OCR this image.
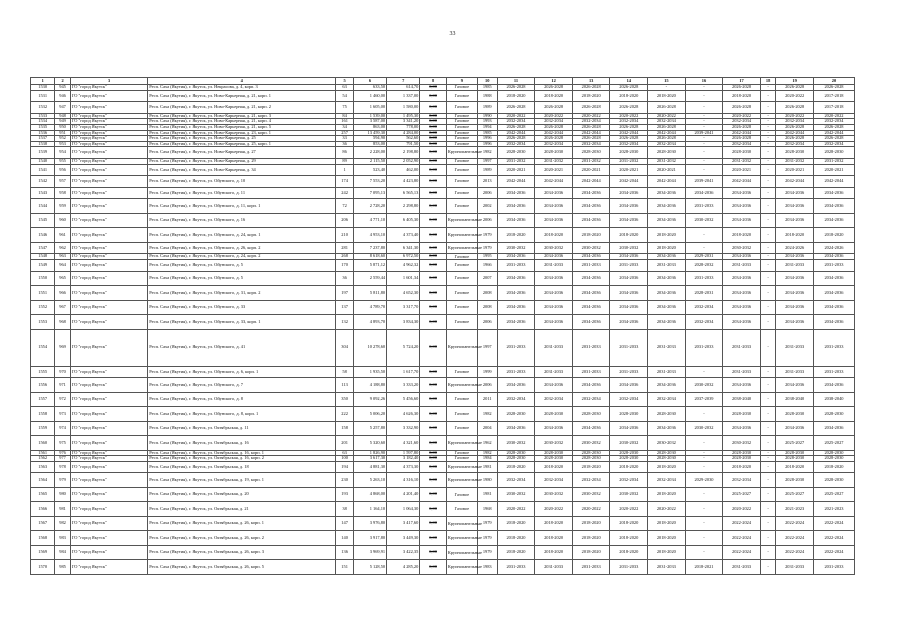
33
1	2	3	4	5	6	7	8	9	10	11	12	13	14	15	16	17	18	19	20
1530	945	ГО "город Якутск"	Респ. Саха (Якутия), г. Якутск, ул. Некрасова, д. 4, корп. 3	63	633,50	614,70	0,00	Газовое	1985	2026-2028	2026-2028	2026-2028	2026-2028	-	-	2026-2028	-	2026-2028	2026-2028
1531	946	ГО "город Якутск"	Респ. Саха (Якутия), г. Якутск, ул. Ново-Карьерная, д. 21, корп. 1	54	1 460,00	1 337,00	0,00	Газовое	1988	2018-2020	2018-2020	2018-2020	2018-2020	2018-2020	-	2018-2020	-	2020-2022	2017-2018
1532	947	ГО "город Якутск"	Респ. Саха (Якутия), г. Якутск, ул. Ново-Карьерная, д. 21, корп. 2	75	1 605,00	1 580,00	0,00	Газовое	1989	2026-2028	2026-2028	2026-2028	2026-2028	2026-2028	-	2026-2028	-	2026-2028	2017-2018
1533	948	ГО "город Якутск"	Респ. Саха (Якутия), г. Якутск, ул. Ново-Карьерная, д. 21, корп. 3	84	1 539,00	1 495,30	0,00	Газовое	1990	2020-2022	2020-2022	2020-2022	2020-2022	2020-2022	-	2020-2022	-	2020-2022	2020-2022
1534	949	ГО "город Якутск"	Респ. Саха (Якутия), г. Якутск, ул. Ново-Карьерная, д. 21, корп. 4	161	3 587,00	3 341,20	0,00	Газовое	1993	2032-2034	2032-2034	2032-2034	2032-2034	2032-2034	-	2032-2034	-	2032-2034	2032-2034
1535	950	ГО "город Якутск"	Респ. Саха (Якутия), г. Якутск, ул. Ново-Карьерная, д. 21, корп. 5	34	863,00	778,00	0,00	Газовое	1994	2026-2028	2026-2028	2026-2028	2026-2028	2026-2028	-	2026-2028	-	2026-2028	2026-2028
1536	951	ГО "город Якутск"	Респ. Саха (Якутия), г. Якутск, ул. Ново-Карьерная, д. 23, корп. 1	257	13 459,30	4 284,00	0,00	Газовое	1985	2042-2044	2042-2044	2042-2044	2042-2044	2042-2044	2039-2041	2042-2044	-	2042-2044	2042-2044
1537	952	ГО "город Якутск"	Респ. Саха (Якутия), г. Якутск, ул. Ново-Карьерная, д. 25	33	594,90	562,60	0,00	Газовое	1996	2026-2028	2026-2028	2026-2028	2026-2028	2026-2028	-	2026-2028	-	2026-2028	2026-2028
1538	953	ГО "город Якутск"	Респ. Саха (Якутия), г. Якутск, ул. Ново-Карьерная, д. 25, корп. 1	36	853,00	791,50	0,00	Газовое	1996	2032-2034	2032-2034	2032-2034	2032-2034	2032-2034	-	2032-2034	-	2032-2034	2032-2034
1539	954	ГО "город Якутск"	Респ. Саха (Якутия), г. Якутск, ул. Ново-Карьерная, д. 27	86	2 228,00	2 198,80	0,00	Крупнопанельные	1982	2028-2030	2028-2030	2028-2030	2028-2030	2028-2030	-	2028-2030	-	2028-2030	2028-2030
1540	955	ГО "город Якутск"	Респ. Саха (Якутия), г. Якутск, ул. Ново-Карьерная, д. 29	89	2 115,50	2 052,90	0,00	Газовое	1997	2031-2032	2031-2032	2031-2032	2031-2032	2031-2032	-	2031-2032	-	2031-2032	2031-2032
1541	956	ГО "город Якутск"	Респ. Саха (Якутия), г. Якутск, ул. Ново-Карьерная, д. 34	1	523,40	462,00	0,00	Газовое	1989	2020-2021	2020-2021	2020-2021	2020-2021	2020-2021	-	2020-2021	-	2020-2021	2020-2021
1542	957	ГО "город Якутск"	Респ. Саха (Якутия), г. Якутск, ул. Ойунского, д. 10	174	7 553,20	4 423,80	0,00	Газовое	2013	2042-2044	2042-2044	2042-2044	2042-2044	2042-2044	2039-2041	2042-2044	-	2042-2044	2042-2044
1543	958	ГО "город Якутск"	Респ. Саха (Якутия), г. Якутск, ул. Ойунского, д. 11	242	7 095,13	6 565,13	0,00	Газовое	2006	2034-2036	2034-2036	2034-2036	2034-2036	2034-2036	2034-2036	2034-2036	-	2034-2036	2034-2036
1544	959	ГО "город Якутск"	Респ. Саха (Якутия), г. Якутск, ул. Ойунского, д. 11, корп. 1	72	2 728,20	2 298,80	0,00	Газовое	2002	2034-2036	2034-2036	2034-2036	2034-2036	2034-2036	2031-2033	2034-2036	-	2034-2036	2034-2036
1545	960	ГО "город Якутск"	Респ. Саха (Якутия), г. Якутск, ул. Ойунского, д. 16	206	4 771,10	6 405,30	0,00	Крупнопанельные	2006	2034-2036	2034-2036	2034-2036	2034-2036	2034-2036	2030-2032	2034-2036	-	2034-2036	2034-2036
1546	961	ГО "город Якутск"	Респ. Саха (Якутия), г. Якутск, ул. Ойунского, д. 24, корп. 1	210	4 953,10	4 373,40	0,00	Крупнопанельные	1979	2018-2020	2018-2020	2018-2020	2018-2020	2018-2020	-	2018-2020	-	2018-2020	2018-2020
1547	962	ГО "город Якутск"	Респ. Саха (Якутия), г. Якутск, ул. Ойунского, д. 26, корп. 2	281	7 237,80	6 341,30	0,00	Крупнопанельные	1979	2030-2032	2030-2032	2030-2032	2030-2032	2018-2020	-	2030-2032	-	2024-2026	2024-2026
1548	963	ГО "город Якутск"	Респ. Саха (Якутия), г. Якутск, ул. Ойунского, д. 24, корп. 2	268	8 618,60	6 972,50	0,00	Газовое	1995	2034-2036	2034-2036	2034-2036	2034-2036	2034-2036	2029-2031	2034-2036	-	2034-2036	2034-2036
1549	964	ГО "город Якутск"	Респ. Саха (Якутия), г. Якутск, ул. Ойунского, д. 5	170	5 871,12	4 962,32	0,00	Газовое	1966	2031-2033	2031-2033	2031-2033	2031-2033	2031-2033	2028-2032	2031-2033	-	2031-2033	2031-2033
1550	965	ГО "город Якутск"	Респ. Саха (Якутия), г. Якутск, ул. Ойунского, д. 5	36	2 559,44	1 601,34	0,00	Газовое	2007	2034-2036	2034-2036	2034-2036	2034-2036	2034-2036	2031-2033	2034-2036	-	2034-2036	2034-2036
1551	966	ГО "город Якутск"	Респ. Саха (Якутия), г. Якутск, ул. Ойунского, д. 31, корп. 2	197	5 811,80	4 652,30	0,00	Газовое	2008	2034-2036	2034-2036	2034-2036	2034-2036	2034-2036	2028-2031	2034-2036	-	2034-2036	2034-2036
1552	967	ГО "город Якутск"	Респ. Саха (Якутия), г. Якутск, ул. Ойунского, д. 33	137	4 789,70	3 317,70	0,00	Газовое	2008	2034-2036	2034-2036	2034-2036	2034-2036	2034-2036	2032-2034	2034-2036	-	2034-2036	2034-2036
1553	968	ГО "город Якутск"	Респ. Саха (Якутия), г. Якутск, ул. Ойунского, д. 33, корп. 1	132	4 893,70	3 834,30	0,00	Газовое	2006	2034-2036	2034-2036	2034-2036	2034-2036	2034-2036	2032-2034	2034-2036	-	2034-2036	2034-2036
1554	969	ГО "город Якутск"	Респ. Саха (Якутия), г. Якутск, ул. Ойунского, д. 41	304	10 278,60	5 724,20	0,00	Крупнопанельные	1997	2031-2033	2031-2033	2031-2033	2031-2033	2031-2033	2031-2033	2031-2033	-	2031-2033	2031-2033
1555	970	ГО "город Якутск"	Респ. Саха (Якутия), г. Якутск, ул. Ойунского, д. 6, корп. 1	58	1 935,50	1 617,70	0,00	Газовое	1999	2031-2033	2031-2033	2031-2033	2031-2033	2031-2033	-	2031-2033	-	2031-2033	2031-2033
1556	971	ГО "город Якутск"	Респ. Саха (Якутия), г. Якутск, ул. Ойунского, д. 7	113	4 188,80	3 333,20	0,00	Крупнопанельные	2006	2034-2036	2034-2036	2034-2036	2034-2036	2034-2036	2030-2032	2034-2036	-	2034-2036	2034-2036
1557	972	ГО "город Якутск"	Респ. Саха (Якутия), г. Якутск, ул. Ойунского, д. 8	350	9 092,26	5 456,60	0,00	Газовое	2011	2032-2034	2032-2034	2032-2034	2032-2034	2032-2034	2037-2039	2038-2040	-	2038-2040	2038-2040
1558	973	ГО "город Якутск"	Респ. Саха (Якутия), г. Якутск, ул. Ойунского, д. 8, корп. 1	222	5 006,20	4 626,30	0,00	Газовое	1982	2028-2030	2028-2030	2028-2030	2028-2030	2028-2030	-	2028-2030	-	2028-2030	2028-2030
1559	974	ГО "город Якутск"	Респ. Саха (Якутия), г. Якутск, ул. Октябрьская, д. 11	158	5 257,80	3 332,90	0,00	Газовое	2004	2034-2036	2034-2036	2034-2036	2034-2036	2034-2036	2030-2032	2034-2036	-	2034-2036	2034-2036
1560	975	ГО "город Якутск"	Респ. Саха (Якутия), г. Якутск, ул. Октябрьская, д. 16	201	5 320,60	4 321,60	0,00	Крупнопанельные	1962	2030-2032	2030-2032	2030-2032	2030-2032	2030-2032	-	2030-2032	-	2025-2027	2025-2027
1561	976	ГО "город Якутск"	Респ. Саха (Якутия), г. Якутск, ул. Октябрьская, д. 16, корп. 1	63	1 826,90	1 597,80	0,00	Газовое	1982	2028-2030	2028-2030	2028-2030	2028-2030	2028-2030	-	2028-2030	-	2028-2030	2028-2030
1562	977	ГО "город Якутск"	Респ. Саха (Якутия), г. Якутск, ул. Октябрьская, д. 16, корп. 2	100	3 617,30	3 182,40	0,00	Газовое	1984	2028-2030	2028-2030	2028-2030	2028-2030	2028-2030	-	2028-2030	-	2028-2030	2028-2030
1563	978	ГО "город Якутск"	Респ. Саха (Якутия), г. Якутск, ул. Октябрьская, д. 18	194	4 881,30	4 373,30	0,00	Крупнопанельные	1981	2018-2020	2018-2020	2018-2020	2018-2020	2018-2020	-	2018-2020	-	2018-2020	2018-2020
1564	979	ГО "город Якутск"	Респ. Саха (Якутия), г. Якутск, ул. Октябрьская, д. 19, корп. 1	230	5 263,10	4 316,10	0,00	Крупнопанельные	1980	2032-2034	2032-2034	2032-2034	2032-2034	2032-2034	2029-2030	2032-2034	-	2028-2030	2028-2030
1565	980	ГО "город Якутск"	Респ. Саха (Якутия), г. Якутск, ул. Октябрьская, д. 20	193	4 868,00	4 201,40	0,00	Газовое	1981	2030-2032	2030-2032	2030-2032	2030-2032	2018-2020	-	2025-2027	-	2025-2027	2025-2027
1566	981	ГО "город Якутск"	Респ. Саха (Якутия), г. Якутск, ул. Октябрьская, д. 21	38	1 164,10	1 064,30	0,00	Газовое	1968	2020-2022	2020-2022	2020-2022	2020-2022	2020-2022	-	2020-2022	-	2021-2023	2021-2023
1567	982	ГО "город Якутск"	Респ. Саха (Якутия), г. Якутск, ул. Октябрьская, д. 26, корп. 1	147	3 976,80	3 417,60	0,00	Крупнопанельные	1979	2018-2020	2018-2020	2018-2020	2018-2020	2018-2020	-	2022-2024	-	2022-2024	2022-2024
1568	983	ГО "город Якутск"	Респ. Саха (Якутия), г. Якутск, ул. Октябрьская, д. 26, корп. 2	140	3 917,80	3 449,30	0,00	Крупнопанельные	1979	2018-2020	2018-2020	2018-2020	2018-2020	2018-2020	-	2022-2024	-	2022-2024	2022-2024
1569	984	ГО "город Якутск"	Респ. Саха (Якутия), г. Якутск, ул. Октябрьская, д. 26, корп. 3	136	3 969,91	3 422,35	0,00	Крупнопанельные	1979	2018-2020	2018-2020	2018-2020	2018-2020	2018-2020	-	2022-2024	-	2022-2024	2022-2024
1570	985	ГО "город Якутск"	Респ. Саха (Якутия), г. Якутск, ул. Октябрьская, д. 26, корп. 5	151	5 128,50	4 285,20	0,00	Крупнопанельные	1983	2031-2033	2031-2033	2031-2033	2031-2033	2031-2033	2018-2021	2031-2033	-	2031-2033	2031-2033
